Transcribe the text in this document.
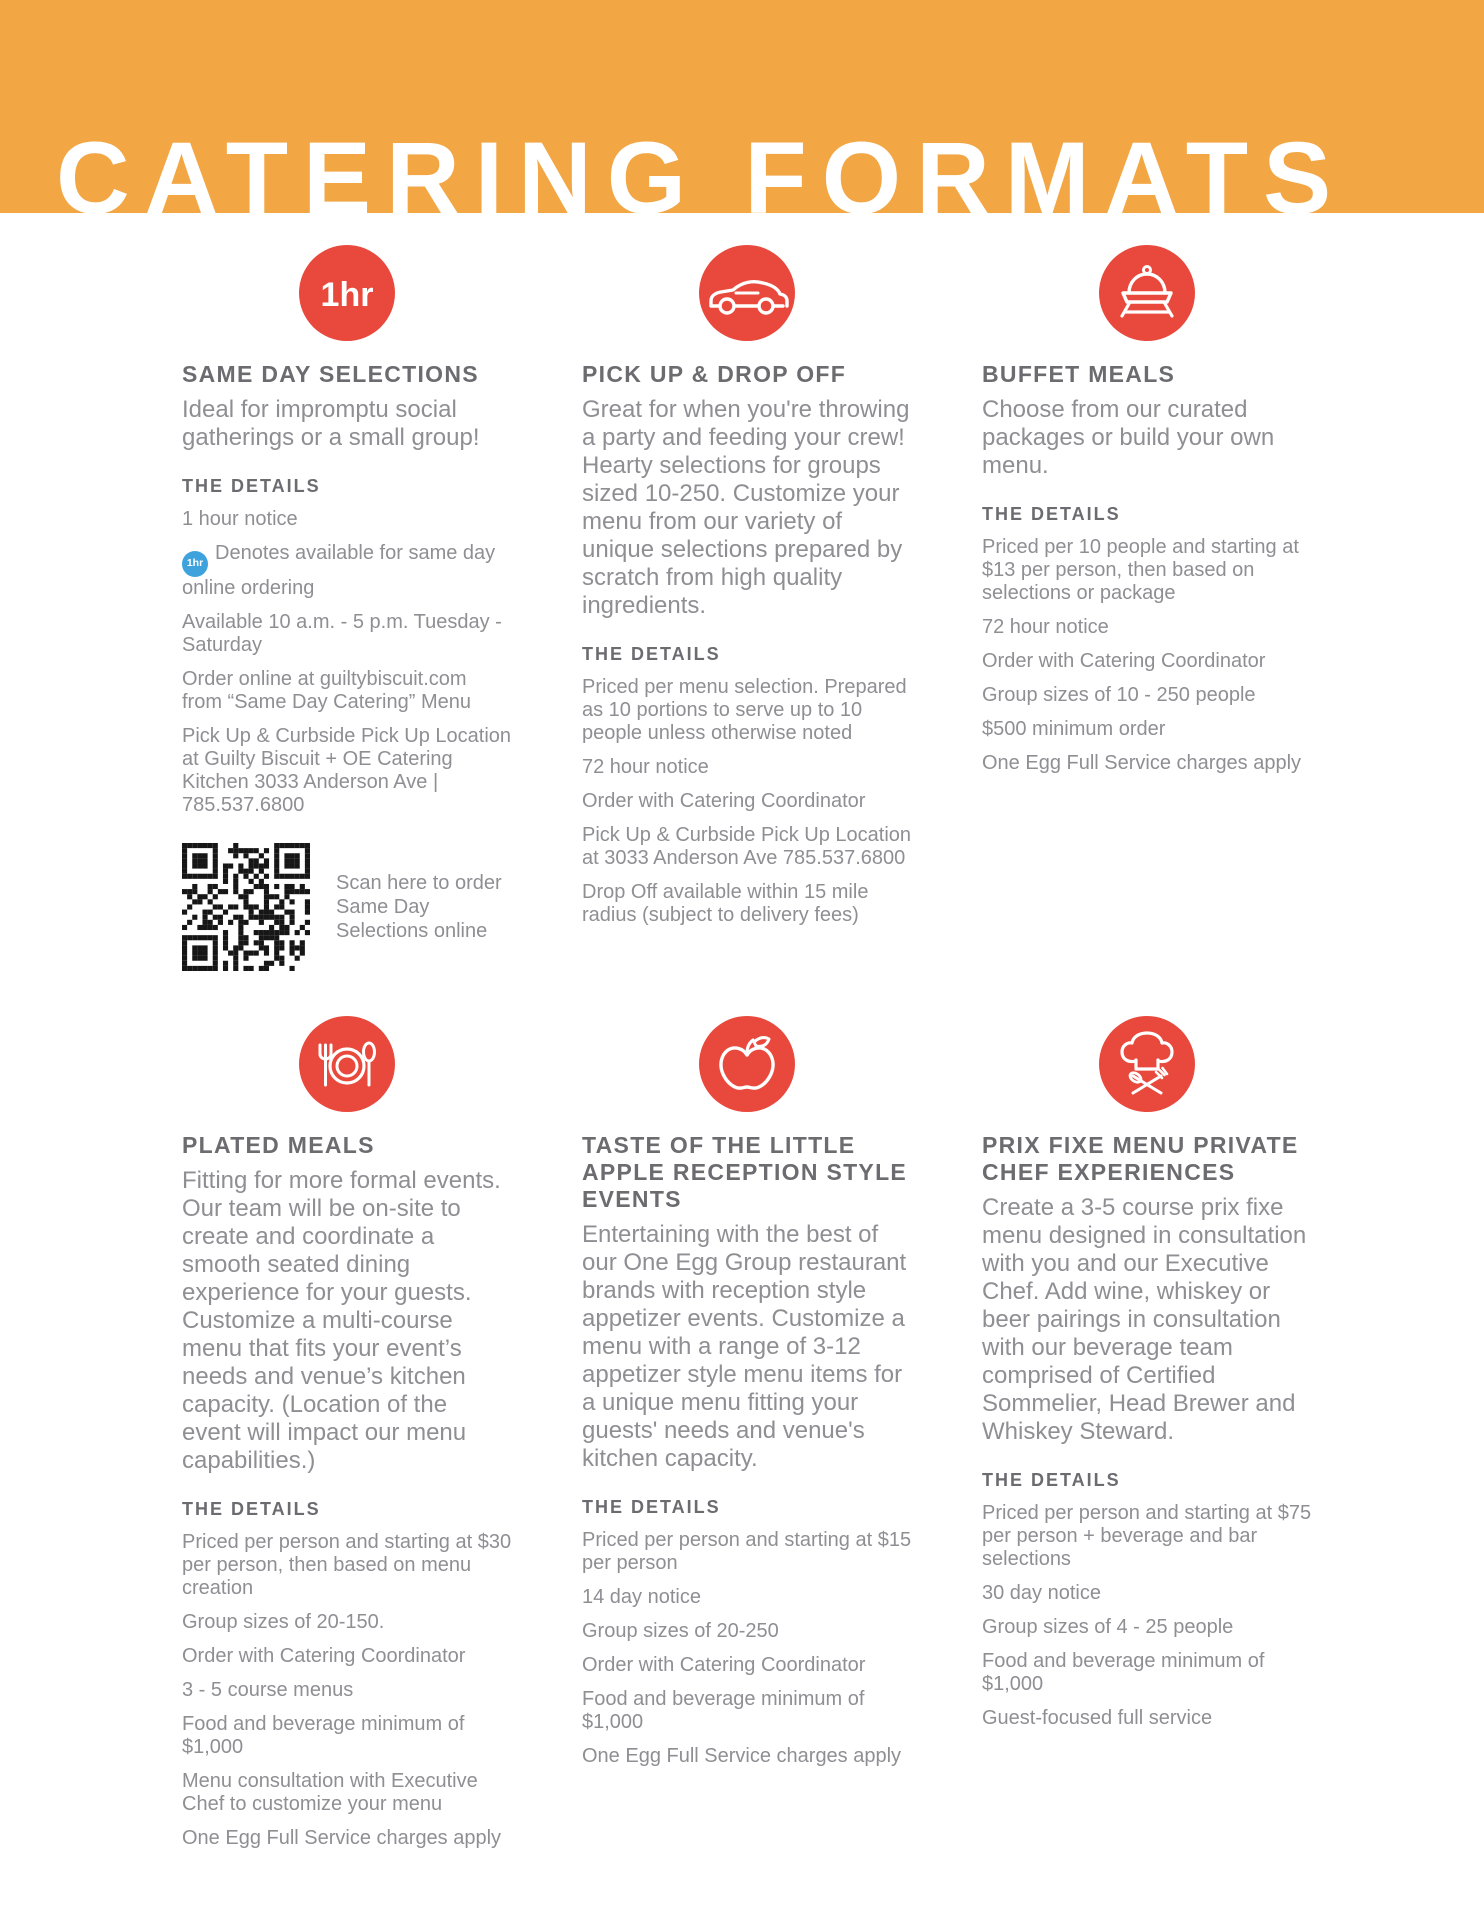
CATERING FORMATS
1hr
SAME DAY SELECTIONS
Ideal for impromptu social gatherings or a small group!
THE DETAILS
1 hour notice
1hr Denotes available for same day online ordering
Available 10 a.m. - 5 p.m. Tuesday - Saturday
Order online at guiltybiscuit.com from “Same Day Catering” Menu
Pick Up & Curbside Pick Up Location at Guilty Biscuit + OE Catering Kitchen 3033 Anderson Ave | 785.537.6800
Scan here to order Same Day Selections online
PICK UP & DROP OFF
Great for when you're throwing a party and feeding your crew! Hearty selections for groups sized 10-250. Customize your menu from our variety of unique selections prepared by scratch from high quality ingredients.
THE DETAILS
Priced per menu selection. Prepared as 10 portions to serve up to 10 people unless otherwise noted
72 hour notice
Order with Catering Coordinator
Pick Up & Curbside Pick Up Location at 3033 Anderson Ave 785.537.6800
Drop Off available within 15 mile radius (subject to delivery fees)
BUFFET MEALS
Choose from our curated packages or build your own menu.
THE DETAILS
Priced per 10 people and starting at $13 per person, then based on selections or package
72 hour notice
Order with Catering Coordinator
Group sizes of 10 - 250 people
$500 minimum order
One Egg Full Service charges apply
PLATED MEALS
Fitting for more formal events. Our team will be on-site to create and coordinate a smooth seated dining experience for your guests. Customize a multi-course menu that fits your event’s needs and venue’s kitchen capacity. (Location of the event will impact our menu capabilities.)
THE DETAILS
Priced per person and starting at $30 per person, then based on menu creation
Group sizes of 20-150.
Order with Catering Coordinator
3 - 5 course menus
Food and beverage minimum of $1,000
Menu consultation with Executive Chef to customize your menu
One Egg Full Service charges apply
TASTE OF THE LITTLE APPLE RECEPTION STYLE EVENTS
Entertaining with the best of our One Egg Group restaurant brands with reception style appetizer events. Customize a menu with a range of 3-12 appetizer style menu items for a unique menu fitting your guests' needs and venue's kitchen capacity.
THE DETAILS
Priced per person and starting at $15 per person
14 day notice
Group sizes of 20-250
Order with Catering Coordinator
Food and beverage minimum of $1,000
One Egg Full Service charges apply
PRIX FIXE MENU PRIVATE CHEF EXPERIENCES
Create a 3-5 course prix fixe menu designed in consultation with you and our Executive Chef. Add wine, whiskey or beer pairings in consultation with our beverage team comprised of Certified Sommelier, Head Brewer and Whiskey Steward.
THE DETAILS
Priced per person and starting at $75 per person + beverage and bar selections
30 day notice
Group sizes of 4 - 25 people
Food and beverage minimum of $1,000
Guest-focused full service
